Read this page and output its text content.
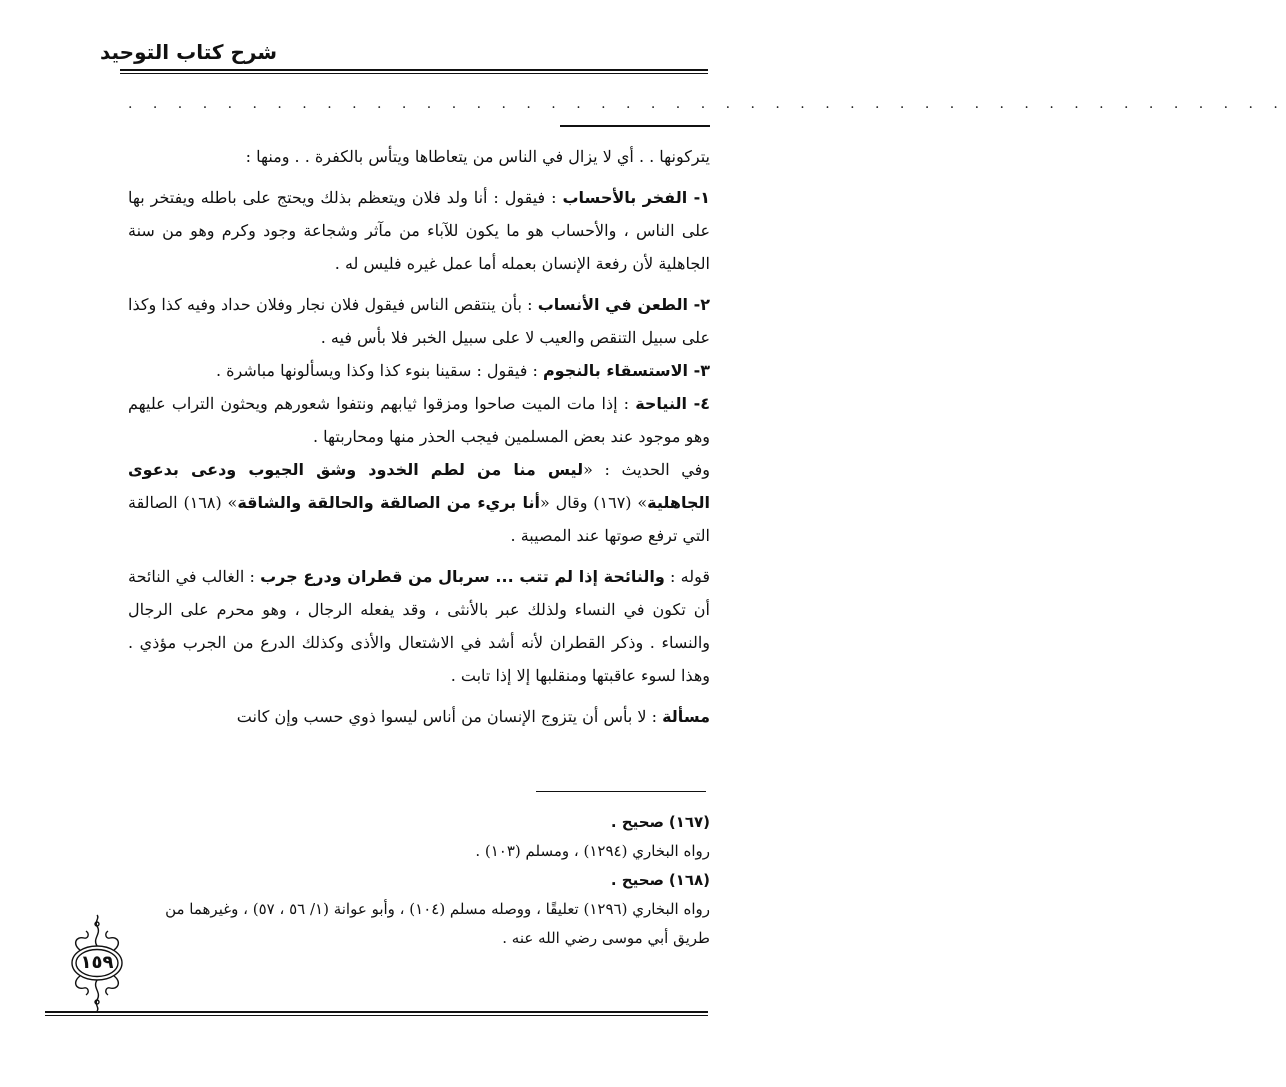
شرح كتاب التوحيد
. . . . . . . . . . . . . . . . . . . . . . . . . . . . . . . . . . . . . . . . . . . . . . .

يتركونها . . أي لا يزال في الناس من يتعاطاها ويتأس بالكفرة . . ومنها :

١- الفخر بالأحساب : فيقول : أنا ولد فلان ويتعظم بذلك ويحتج على باطله ويفتخر بها على الناس ، والأحساب هو ما يكون للآباء من مآثر وشجاعة وجود وكرم وهو من سنة الجاهلية لأن رفعة الإنسان بعمله أما عمل غيره فليس له .

٢- الطعن في الأنساب : بأن ينتقص الناس فيقول فلان نجار وفلان حداد وفيه كذا وكذا على سبيل التنقص والعيب لا على سبيل الخبر فلا بأس فيه .

٣- الاستسقاء بالنجوم : فيقول : سقينا بنوء كذا وكذا ويسألونها مباشرة .

٤- النياحة : إذا مات الميت صاحوا ومزقوا ثيابهم ونتفوا شعورهم ويحثون التراب عليهم وهو موجود عند بعض المسلمين فيجب الحذر منها ومحاربتها .

وفي الحديث : «ليس منا من لطم الخدود وشق الجيوب ودعى بدعوى الجاهلية» (١٦٧) وقال «أنا بريء من الصالقة والحالقة والشاقة» (١٦٨) الصالقة التي ترفع صوتها عند المصيبة .

قوله : والنائحة إذا لم تتب ... سربال من قطران ودرع جرب : الغالب في النائحة أن تكون في النساء ولذلك عبر بالأنثى ، وقد يفعله الرجال ، وهو محرم على الرجال والنساء . وذكر القطران لأنه أشد في الاشتعال والأذى وكذلك الدرع من الجرب مؤذي . وهذا لسوء عاقبتها ومنقلبها إلا إذا تابت .

مسألة : لا بأس أن يتزوج الإنسان من أناس ليسوا ذوي حسب وإن كانت

(١٦٧) صحيح .

رواه البخاري (١٢٩٤) ، ومسلم (١٠٣) .

(١٦٨) صحيح .

رواه البخاري (١٢٩٦) تعليقًا ، ووصله مسلم (١٠٤) ، وأبو عوانة (١/ ٥٦ ، ٥٧) ، وغيرهما من طريق أبي موسى رضي الله عنه .

١٥٩
